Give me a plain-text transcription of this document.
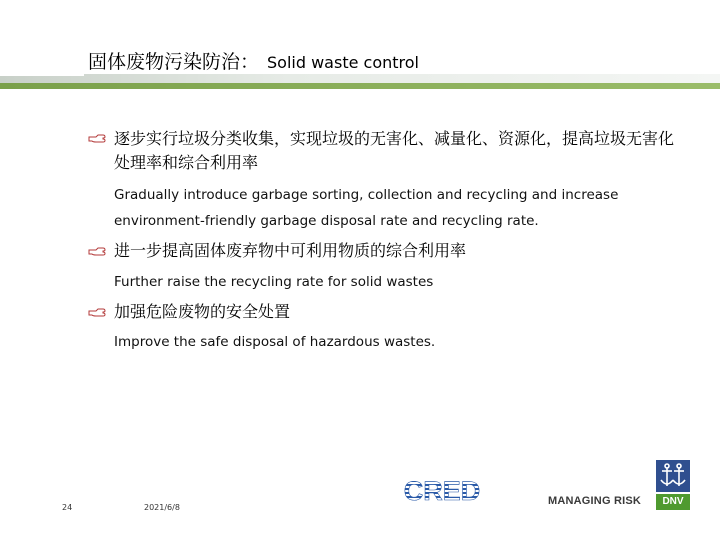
固体废物污染防治： Solid waste control
逐步实行垃圾分类收集，实现垃圾的无害化、减量化、资源化，提高垃圾无害化处理率和综合利用率
Gradually introduce garbage sorting, collection and recycling and increase
environment-friendly garbage disposal rate and recycling rate.
进一步提高固体废弃物中可利用物质的综合利用率
Further raise the recycling rate for solid wastes
加强危险废物的安全处置
Improve the safe disposal of hazardous wastes.
24	2021/6/8
CRED	MANAGING RISK	DNV
